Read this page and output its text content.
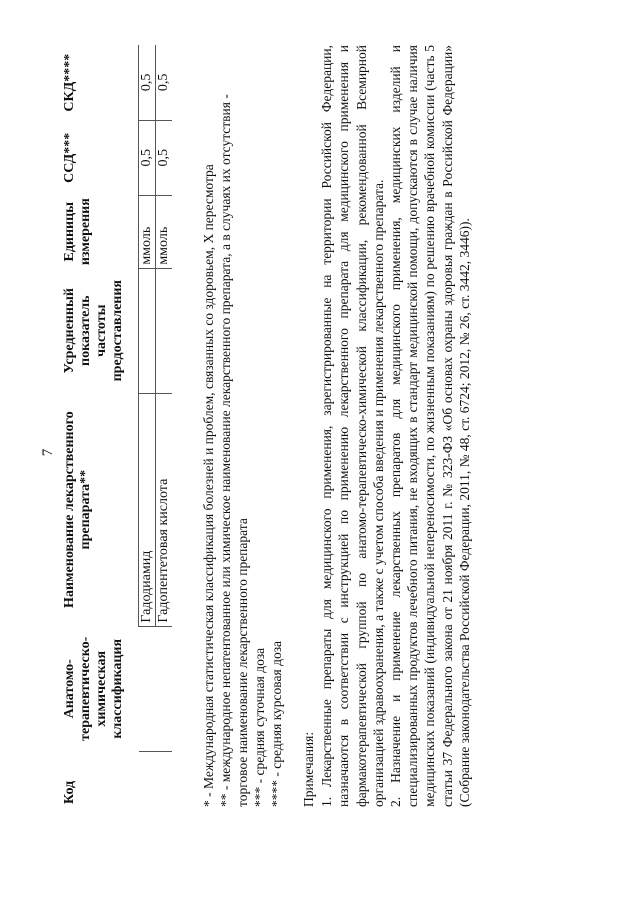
7
Код	Анатомо-терапевтическо-химическая классификация	Наименование лекарственного препарата**	Усредненный показатель частоты предоставления	Единицы измерения	ССД***	СКД****
		Гадодиамид		ммоль	0,5	0,5
		Гадопентетовая кислота		ммоль	0,5	0,5

* - Международная статистическая классификация болезней и проблем, связанных со здоровьем, X пересмотра ** - международное непатентованное или химическое наименование лекарственного препарата, а в случаях их отсутствия - торговое наименование лекарственного препарата *** - средняя суточная доза **** - средняя курсовая доза Примечания: 1. Лекарственные препараты для медицинского применения, зарегистрированные на территории Российской Федерации, назначаются в соответствии с инструкцией по применению лекарственного препарата для медицинского применения и фармакотерапевтической группой по анатомо-терапевтическо-химической классификации, рекомендованной Всемирной организацией здравоохранения, а также с учетом способа введения и применения лекарственного препарата. 2. Назначение и применение лекарственных препаратов для медицинского применения, медицинских изделий и специализированных продуктов лечебного питания, не входящих в стандарт медицинской помощи, допускаются в случае наличия медицинских показаний (индивидуальной непереносимости, по жизненным показаниям) по решению врачебной комиссии (часть 5 статьи 37 Федерального закона от 21 ноября 2011 г. № 323-ФЗ «Об основах охраны здоровья граждан в Российской Федерации» (Собрание законодательства Российской Федерации, 2011, № 48, ст. 6724; 2012, № 26, ст. 3442, 3446)).
